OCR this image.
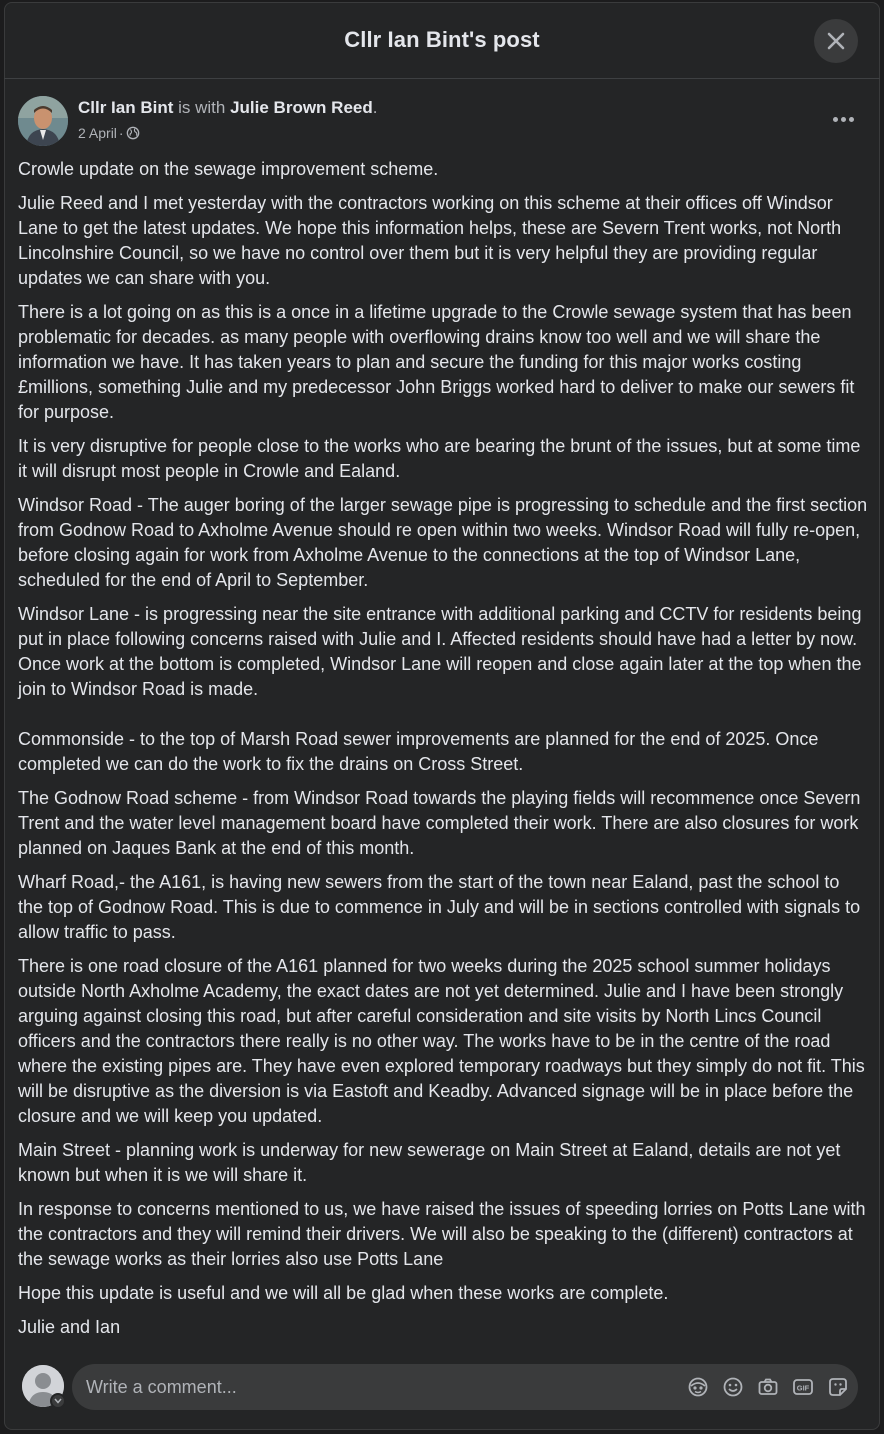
Cllr Ian Bint's post
Cllr Ian Bint is with Julie Brown Reed.
2 April ·

Crowle update on the sewage improvement scheme.

Julie Reed and I met yesterday with the contractors working on this scheme at their offices off Windsor Lane to get the latest updates. We hope this information helps, these are Severn Trent works, not North Lincolnshire Council, so we have no control over them but it is very helpful they are providing regular updates we can share with you.

There is a lot going on as this is a once in a lifetime upgrade to the Crowle sewage system that has been problematic for decades. as many people with overflowing drains know too well and we will share the information we have. It has taken years to plan and secure the funding for this major works costing £millions, something Julie and my predecessor John Briggs worked hard to deliver to make our sewers fit for purpose.

It is very disruptive for people close to the works who are bearing the brunt of the issues, but at some time it will disrupt most people in Crowle and Ealand.

Windsor Road - The auger boring of the larger sewage pipe is progressing to schedule and the first section from Godnow Road to Axholme Avenue should re open within two weeks. Windsor Road will fully re-open, before closing again for work from Axholme Avenue to the connections at the top of Windsor Lane, scheduled for the end of April to September.

Windsor Lane - is progressing near the site entrance with additional parking and CCTV for residents being put in place following concerns raised with Julie and I. Affected residents should have had a letter by now. Once work at the bottom is completed, Windsor Lane will reopen and close again later at the top when the join to Windsor Road is made.

Commonside - to the top of Marsh Road sewer improvements are planned for the end of 2025. Once completed we can do the work to fix the drains on Cross Street.

The Godnow Road scheme - from Windsor Road towards the playing fields will recommence once Severn Trent and the water level management board have completed their work. There are also closures for work planned on Jaques Bank at the end of this month.

Wharf Road,- the A161, is having new sewers from the start of the town near Ealand, past the school to the top of Godnow Road. This is due to commence in July and will be in sections controlled with signals to allow traffic to pass.

There is one road closure of the A161 planned for two weeks during the 2025 school summer holidays outside North Axholme Academy, the exact dates are not yet determined. Julie and I have been strongly arguing against closing this road, but after careful consideration and site visits by North Lincs Council officers and the contractors there really is no other way. The works have to be in the centre of the road where the existing pipes are. They have even explored temporary roadways but they simply do not fit. This will be disruptive as the diversion is via Eastoft and Keadby. Advanced signage will be in place before the closure and we will keep you updated.

Main Street - planning work is underway for new sewerage on Main Street at Ealand, details are not yet known but when it is we will share it.

In response to concerns mentioned to us, we have raised the issues of speeding lorries on Potts Lane with the contractors and they will remind their drivers. We will also be speaking to the (different) contractors at the sewage works as their lorries also use Potts Lane

Hope this update is useful and we will all be glad when these works are complete.

Julie and Ian

Write a comment...
GIF
